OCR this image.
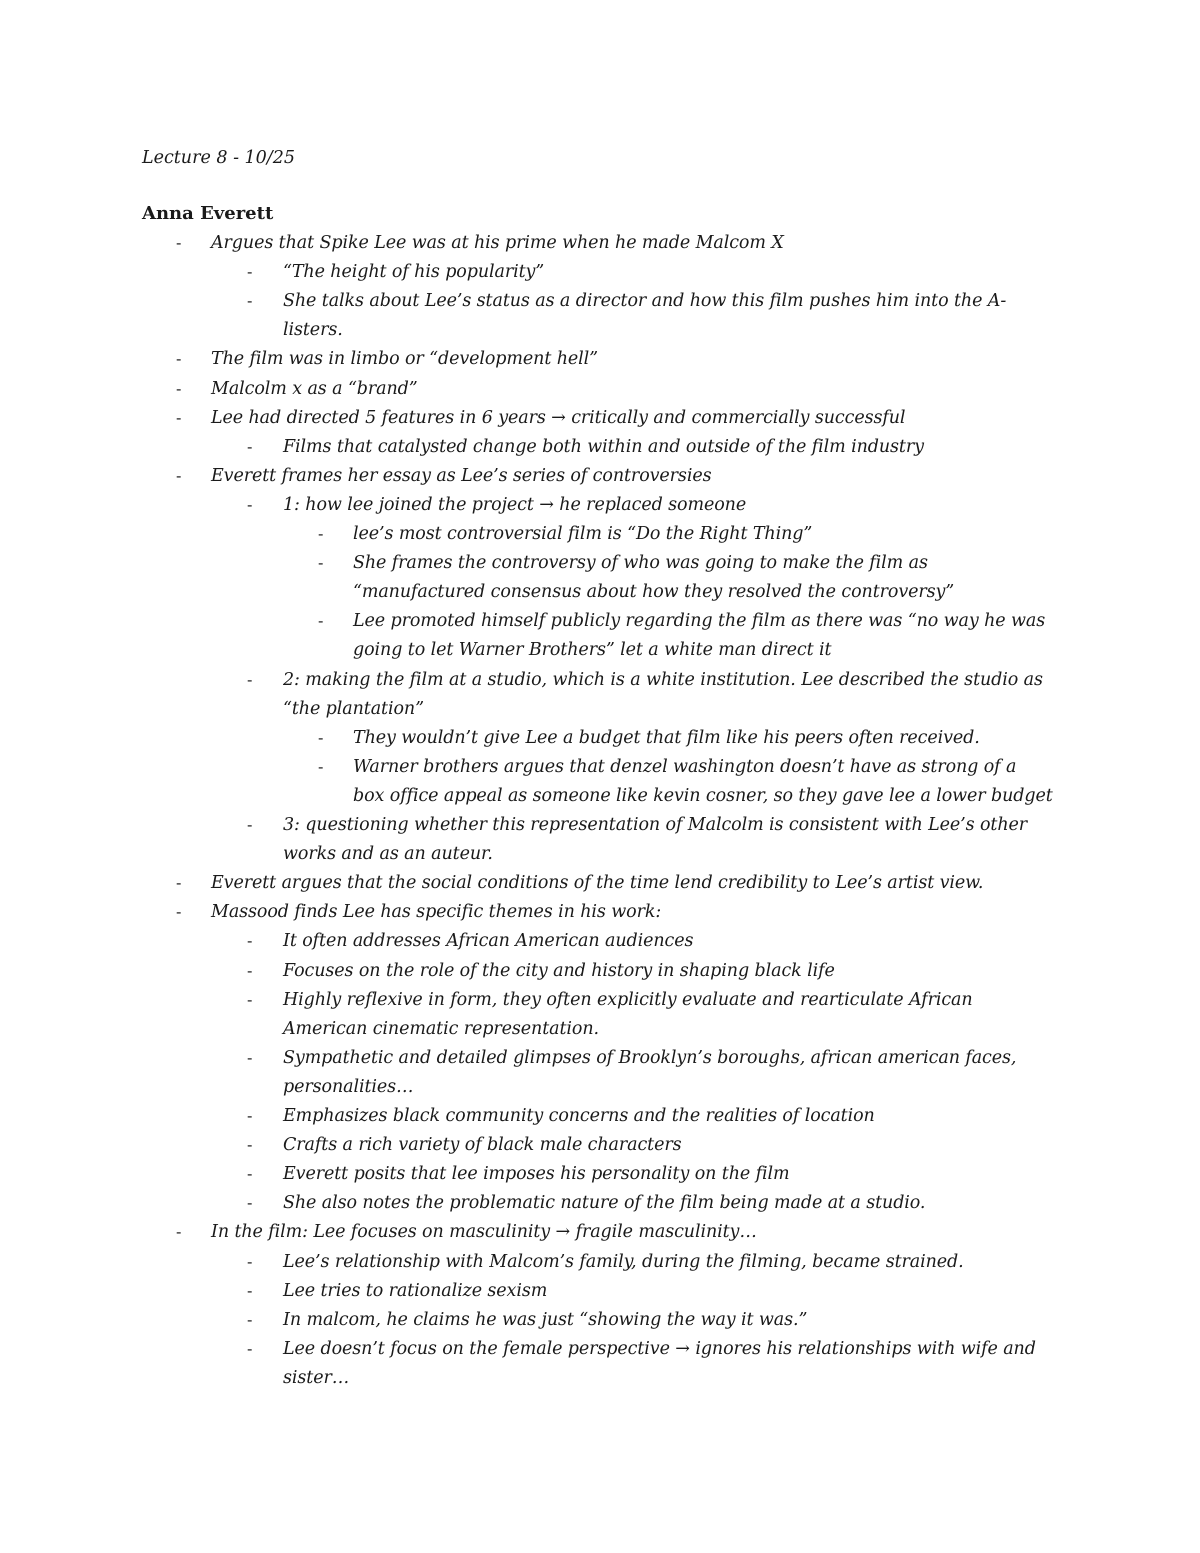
Lecture 8 - 10/25
Anna Everett
- Argues that Spike Lee was at his prime when he made Malcom X
- “The height of his popularity”
- She talks about Lee’s status as a director and how this film pushes him into the A-
listers.
- The film was in limbo or “development hell”
- Malcolm x as a “brand”
- Lee had directed 5 features in 6 years → critically and commercially successful
- Films that catalysted change both within and outside of the film industry
- Everett frames her essay as Lee’s series of controversies
- 1: how lee joined the project → he replaced someone
- lee’s most controversial film is “Do the Right Thing”
- She frames the controversy of who was going to make the film as
“manufactured consensus about how they resolved the controversy”
- Lee promoted himself publicly regarding the film as there was “no way he was
going to let Warner Brothers” let a white man direct it
- 2: making the film at a studio, which is a white institution. Lee described the studio as
“the plantation”
- They wouldn’t give Lee a budget that film like his peers often received.
- Warner brothers argues that denzel washington doesn’t have as strong of a
box office appeal as someone like kevin cosner, so they gave lee a lower budget
- 3: questioning whether this representation of Malcolm is consistent with Lee’s other
works and as an auteur.
- Everett argues that the social conditions of the time lend credibility to Lee’s artist view.
- Massood finds Lee has specific themes in his work:
- It often addresses African American audiences
- Focuses on the role of the city and history in shaping black life
- Highly reflexive in form, they often explicitly evaluate and rearticulate African
American cinematic representation.
- Sympathetic and detailed glimpses of Brooklyn’s boroughs, african american faces,
personalities…
- Emphasizes black community concerns and the realities of location
- Crafts a rich variety of black male characters
- Everett posits that lee imposes his personality on the film
- She also notes the problematic nature of the film being made at a studio.
- In the film: Lee focuses on masculinity → fragile masculinity…
- Lee’s relationship with Malcom’s family, during the filming, became strained.
- Lee tries to rationalize sexism
- In malcom, he claims he was just “showing the way it was.”
- Lee doesn’t focus on the female perspective → ignores his relationships with wife and
sister…
